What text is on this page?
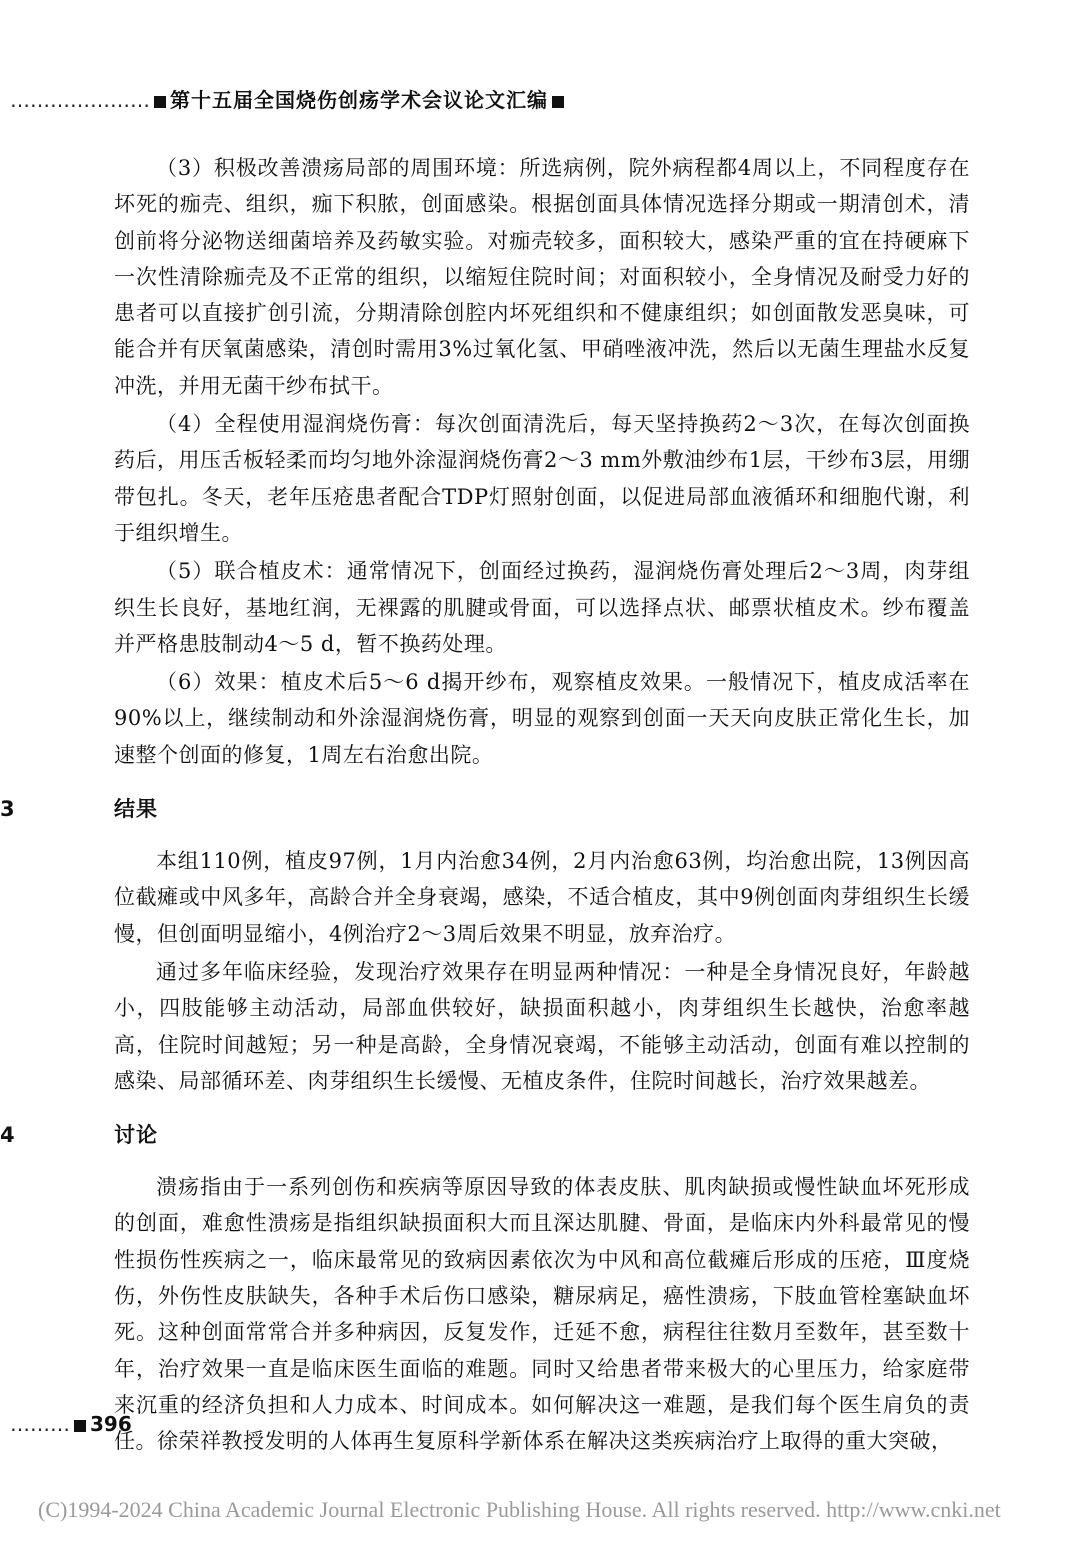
………………… 第十五届全国烧伤创疡学术会议论文汇编

（3）积极改善溃疡局部的周围环境：所选病例，院外病程都4周以上，不同程度存在坏死的痂壳、组织，痂下积脓，创面感染。根据创面具体情况选择分期或一期清创术，清创前将分泌物送细菌培养及药敏实验。对痂壳较多，面积较大，感染严重的宜在持硬麻下一次性清除痂壳及不正常的组织，以缩短住院时间；对面积较小，全身情况及耐受力好的患者可以直接扩创引流，分期清除创腔内坏死组织和不健康组织；如创面散发恶臭味，可能合并有厌氧菌感染，清创时需用3%过氧化氢、甲硝唑液冲洗，然后以无菌生理盐水反复冲洗，并用无菌干纱布拭干。

（4）全程使用湿润烧伤膏：每次创面清洗后，每天坚持换药2～3次，在每次创面换药后，用压舌板轻柔而均匀地外涂湿润烧伤膏2～3 mm外敷油纱布1层，干纱布3层，用绷带包扎。冬天，老年压疮患者配合TDP灯照射创面，以促进局部血液循环和细胞代谢，利于组织增生。

（5）联合植皮术：通常情况下，创面经过换药，湿润烧伤膏处理后2～3周，肉芽组织生长良好，基地红润，无裸露的肌腱或骨面，可以选择点状、邮票状植皮术。纱布覆盖并严格患肢制动4～5 d，暂不换药处理。

（6）效果：植皮术后5～6 d揭开纱布，观察植皮效果。一般情况下，植皮成活率在90%以上，继续制动和外涂湿润烧伤膏，明显的观察到创面一天天向皮肤正常化生长，加速整个创面的修复，1周左右治愈出院。

3	结果

本组110例，植皮97例，1月内治愈34例，2月内治愈63例，均治愈出院，13例因高位截瘫或中风多年，高龄合并全身衰竭，感染，不适合植皮，其中9例创面肉芽组织生长缓慢，但创面明显缩小，4例治疗2～3周后效果不明显，放弃治疗。

通过多年临床经验，发现治疗效果存在明显两种情况：一种是全身情况良好，年龄越小，四肢能够主动活动，局部血供较好，缺损面积越小，肉芽组织生长越快，治愈率越高，住院时间越短；另一种是高龄，全身情况衰竭，不能够主动活动，创面有难以控制的感染、局部循环差、肉芽组织生长缓慢、无植皮条件，住院时间越长，治疗效果越差。

4	讨论

溃疡指由于一系列创伤和疾病等原因导致的体表皮肤、肌肉缺损或慢性缺血坏死形成的创面，难愈性溃疡是指组织缺损面积大而且深达肌腱、骨面，是临床内外科最常见的慢性损伤性疾病之一，临床最常见的致病因素依次为中风和高位截瘫后形成的压疮，Ⅲ度烧伤，外伤性皮肤缺失，各种手术后伤口感染，糖尿病足，癌性溃疡，下肢血管栓塞缺血坏死。这种创面常常合并多种病因，反复发作，迁延不愈，病程往往数月至数年，甚至数十年，治疗效果一直是临床医生面临的难题。同时又给患者带来极大的心里压力，给家庭带来沉重的经济负担和人力成本、时间成本。如何解决这一难题，是我们每个医生肩负的责任。徐荣祥教授发明的人体再生复原科学新体系在解决这类疾病治疗上取得的重大突破，

……… 396
(C)1994-2024 China Academic Journal Electronic Publishing House. All rights reserved. http://www.cnki.net
